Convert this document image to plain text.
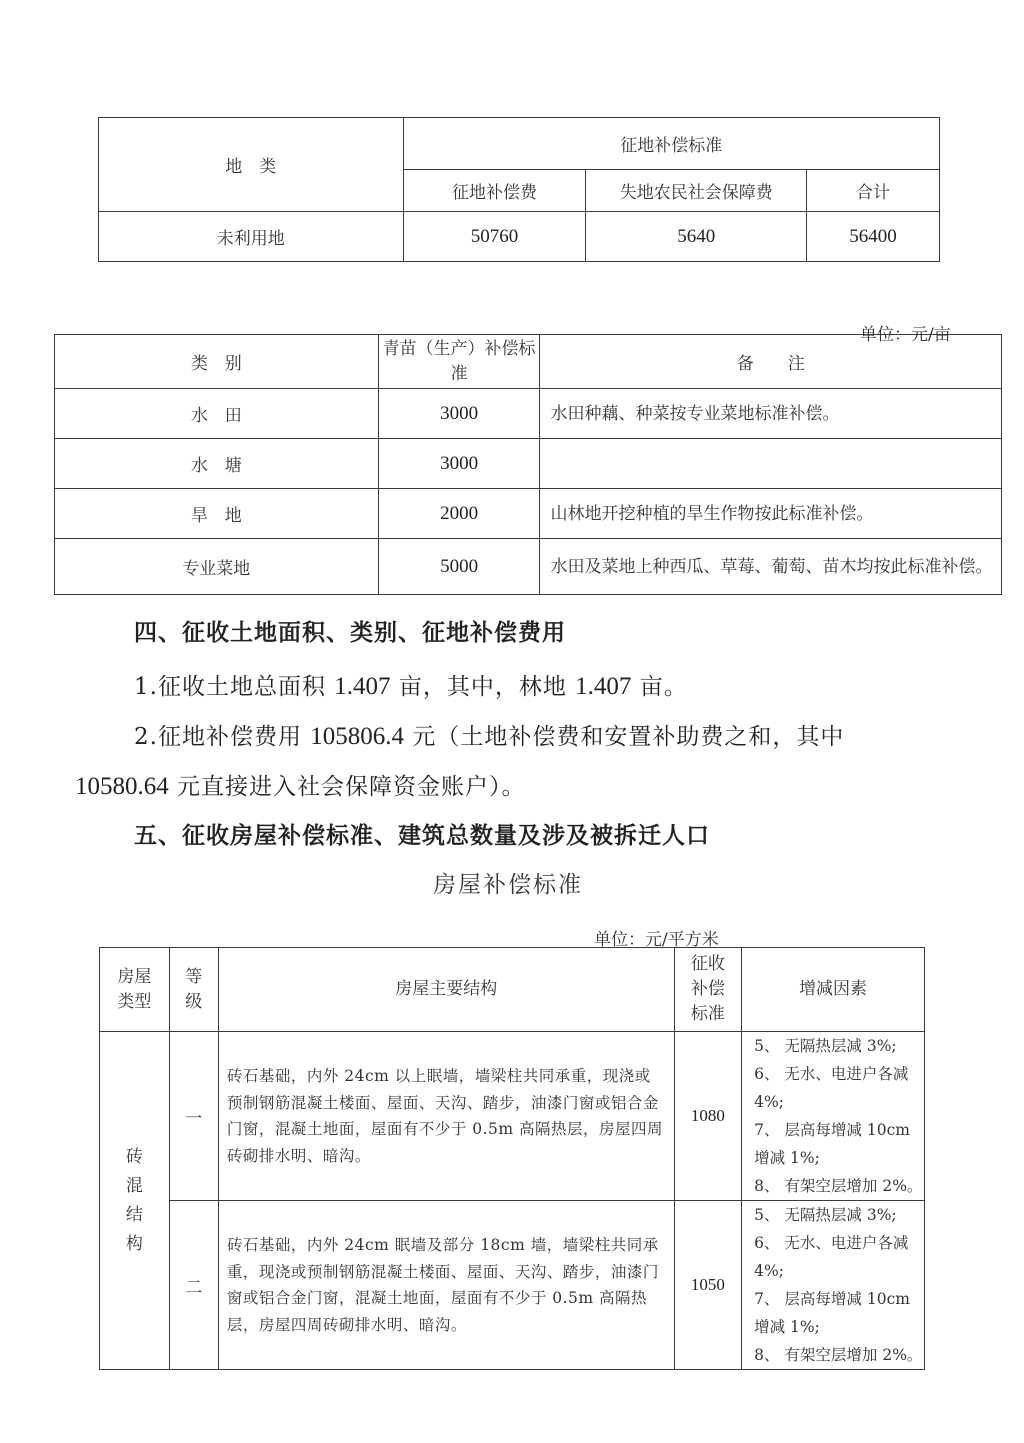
地　类	征地补偿标准		
	征地补偿费	失地农民社会保障费	合计
未利用地	50760	5640	56400
单位：元/亩
类　别	青苗（生产）补偿标准	备　　注
水　田	3000	水田种藕、种菜按专业菜地标准补偿。
水　塘	3000	
旱　地	2000	山林地开挖种植的旱生作物按此标准补偿。
专业菜地	5000	水田及菜地上种西瓜、草莓、葡萄、苗木均按此标准补偿。
四、征收土地面积、类别、征地补偿费用
1.征收土地总面积 1.407 亩，其中，林地 1.407 亩。
2.征地补偿费用 105806.4 元（土地补偿费和安置补助费之和，其中
10580.64 元直接进入社会保障资金账户）。
五、征收房屋补偿标准、建筑总数量及涉及被拆迁人口
房屋补偿标准
单位：元/平方米
房屋类型	等级	房屋主要结构	征收补偿标准	增减因素

砖混结构	一	砖石基础，内外 24cm 以上眠墙，墙梁柱共同承重，现浇或预制钢筋混凝土楼面、屋面、天沟、踏步，油漆门窗或铝合金门窗，混凝土地面，屋面有不少于 0.5m 高隔热层，房屋四周砖砌排水明、暗沟。	1080	5、 无隔热层减 3%;
6、 无水、电进户各减 4%;
7、 层高每增减 10cm 增减 1%;
8、 有架空层增加 2%。

	二	砖石基础，内外 24cm 眠墙及部分 18cm 墙，墙梁柱共同承重，现浇或预制钢筋混凝土楼面、屋面、天沟、踏步，油漆门窗或铝合金门窗，混凝土地面，屋面有不少于 0.5m 高隔热层，房屋四周砖砌排水明、暗沟。	1050	5、 无隔热层减 3%;
6、 无水、电进户各减 4%;
7、 层高每增减 10cm 增减 1%;
8、 有架空层增加 2%。
